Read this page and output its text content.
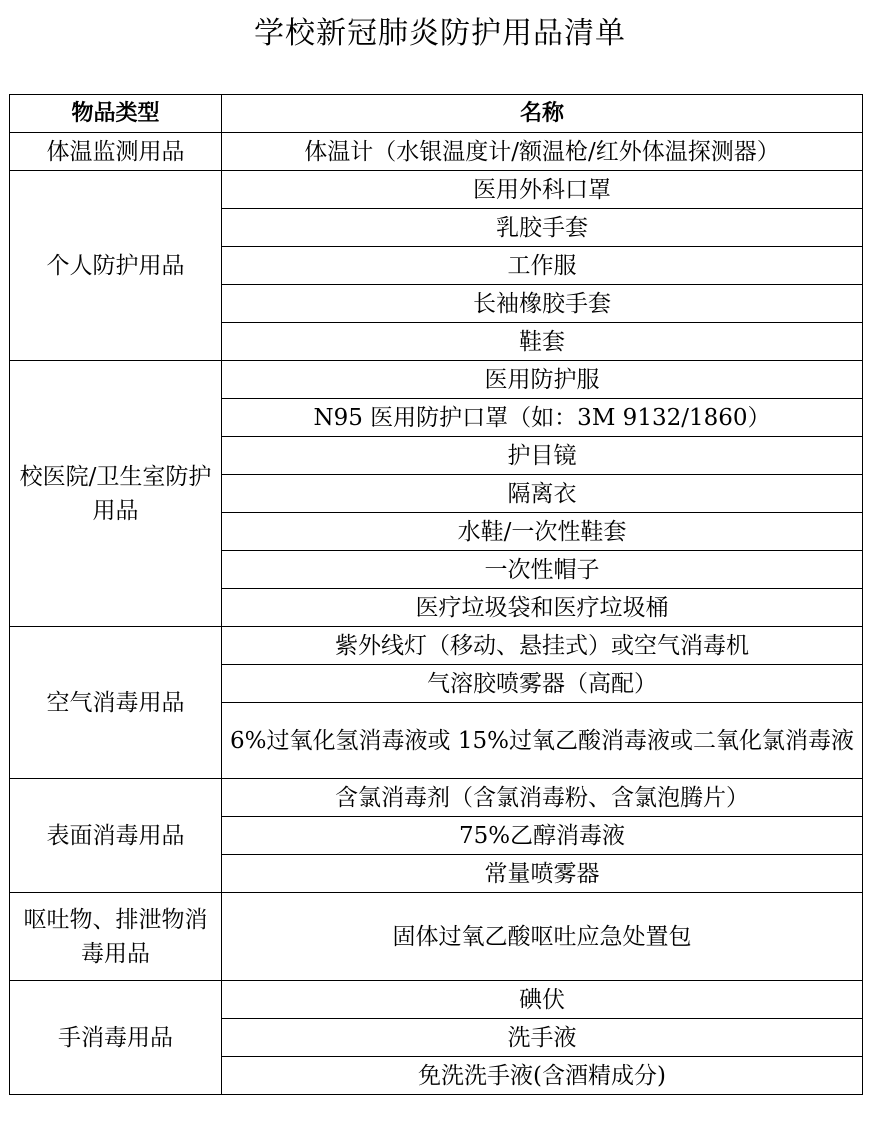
学校新冠肺炎防护用品清单
物品类型	名称
体温监测用品	体温计（水银温度计/额温枪/红外体温探测器）
个人防护用品	医用外科口罩
	乳胶手套
	工作服
	长袖橡胶手套
	鞋套
校医院/卫生室防护用品	医用防护服
	N95 医用防护口罩（如：3M 9132/1860）
	护目镜
	隔离衣
	水鞋/一次性鞋套
	一次性帽子
	医疗垃圾袋和医疗垃圾桶
空气消毒用品	紫外线灯（移动、悬挂式）或空气消毒机
	气溶胶喷雾器（高配）
	6%过氧化氢消毒液或 15%过氧乙酸消毒液或二氧化氯消毒液
表面消毒用品	含氯消毒剂（含氯消毒粉、含氯泡腾片）
	75%乙醇消毒液
	常量喷雾器
呕吐物、排泄物消毒用品	固体过氧乙酸呕吐应急处置包
手消毒用品	碘伏
	洗手液
	免洗洗手液(含酒精成分)
